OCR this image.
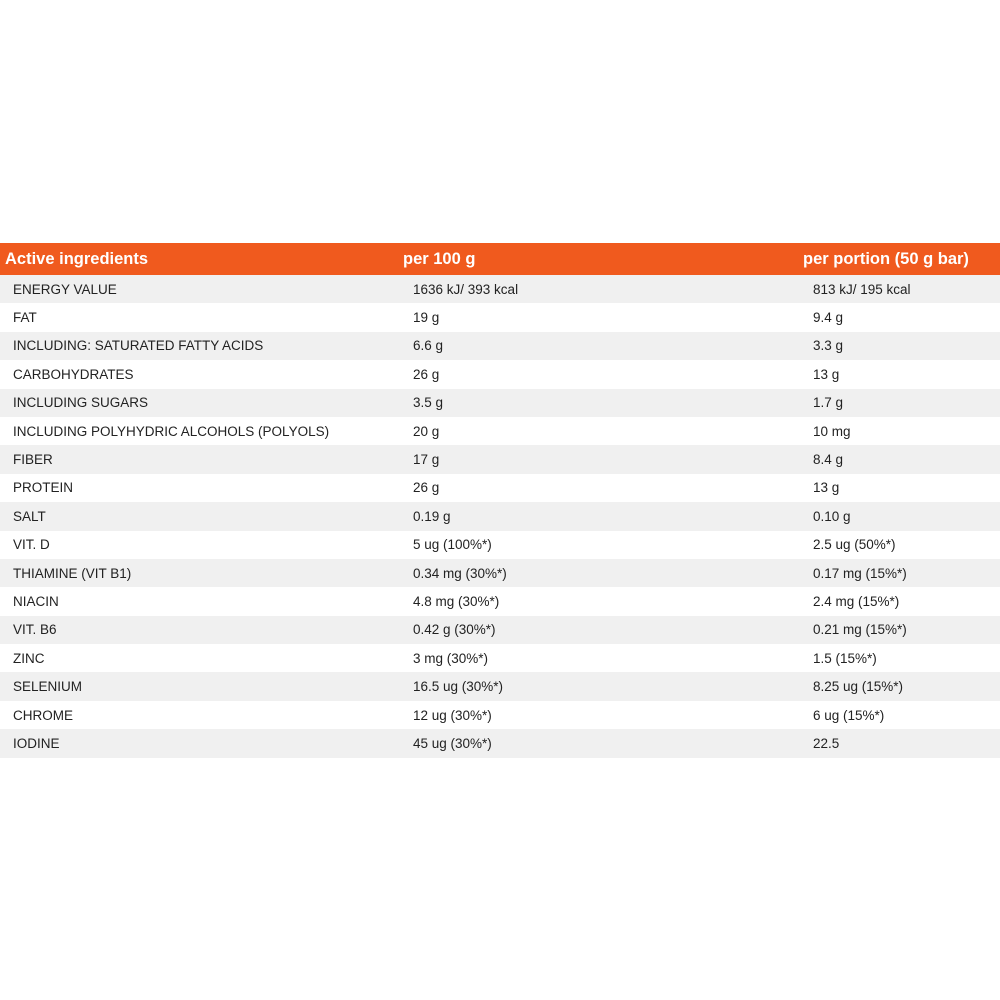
Active ingredients	per 100 g	per portion (50 g bar)
ENERGY VALUE	1636 kJ/ 393 kcal	813 kJ/ 195 kcal
FAT	19 g	9.4 g
INCLUDING: SATURATED FATTY ACIDS	6.6 g	3.3 g
CARBOHYDRATES	26 g	13 g
INCLUDING SUGARS	3.5 g	1.7 g
INCLUDING POLYHYDRIC ALCOHOLS (POLYOLS)	20 g	10 mg
FIBER	17 g	8.4 g
PROTEIN	26 g	13 g
SALT	0.19 g	0.10 g
VIT. D	5 ug (100%*)	2.5 ug (50%*)
THIAMINE (VIT B1)	0.34 mg (30%*)	0.17 mg (15%*)
NIACIN	4.8 mg (30%*)	2.4 mg (15%*)
VIT. B6	0.42 g (30%*)	0.21 mg (15%*)
ZINC	3 mg (30%*)	1.5 (15%*)
SELENIUM	16.5 ug (30%*)	8.25 ug (15%*)
CHROME	12 ug (30%*)	6 ug (15%*)
IODINE	45 ug (30%*)	22.5
